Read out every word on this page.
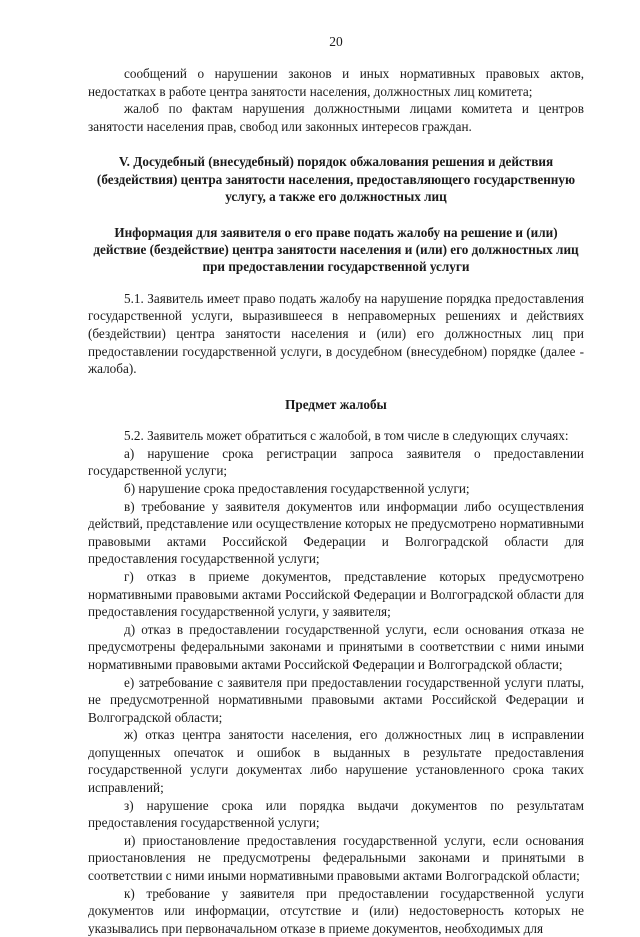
20

сообщений о нарушении законов и иных нормативных правовых актов, недостатках в работе центра занятости населения, должностных лиц комитета;

жалоб по фактам нарушения должностными лицами комитета и центров занятости населения прав, свобод или законных интересов граждан.

V. Досудебный (внесудебный) порядок обжалования решения и действия (бездействия) центра занятости населения, предоставляющего государственную услугу, а также его должностных лиц

Информация для заявителя о его праве подать жалобу на решение и (или) действие (бездействие) центра занятости населения и (или) его должностных лиц при предоставлении государственной услуги

5.1. Заявитель имеет право подать жалобу на нарушение порядка предоставления государственной услуги, выразившееся в неправомерных решениях и действиях (бездействии) центра занятости населения и (или) его должностных лиц при предоставлении государственной услуги, в досудебном (внесудебном) порядке (далее - жалоба).

Предмет жалобы

5.2. Заявитель может обратиться с жалобой, в том числе в следующих случаях:

а) нарушение срока регистрации запроса заявителя о предоставлении государственной услуги;

б) нарушение срока предоставления государственной услуги;

в) требование у заявителя документов или информации либо осуществления действий, представление или осуществление которых не предусмотрено нормативными правовыми актами Российской Федерации и Волгоградской области для предоставления государственной услуги;

г) отказ в приеме документов, представление которых предусмотрено нормативными правовыми актами Российской Федерации и Волгоградской области для предоставления государственной услуги, у заявителя;

д) отказ в предоставлении государственной услуги, если основания отказа не предусмотрены федеральными законами и принятыми в соответствии с ними иными нормативными правовыми актами Российской Федерации и Волгоградской области;

е) затребование с заявителя при предоставлении государственной услуги платы, не предусмотренной нормативными правовыми актами Российской Федерации и Волгоградской области;

ж) отказ центра занятости населения, его должностных лиц в исправлении допущенных опечаток и ошибок в выданных в результате предоставления государственной услуги документах либо нарушение установленного срока таких исправлений;

з) нарушение срока или порядка выдачи документов по результатам предоставления государственной услуги;

и) приостановление предоставления государственной услуги, если основания приостановления не предусмотрены федеральными законами и принятыми в соответствии с ними иными нормативными правовыми актами Волгоградской области;

к) требование у заявителя при предоставлении государственной услуги документов или информации, отсутствие и (или) недостоверность которых не указывались при первоначальном отказе в приеме документов, необходимых для
